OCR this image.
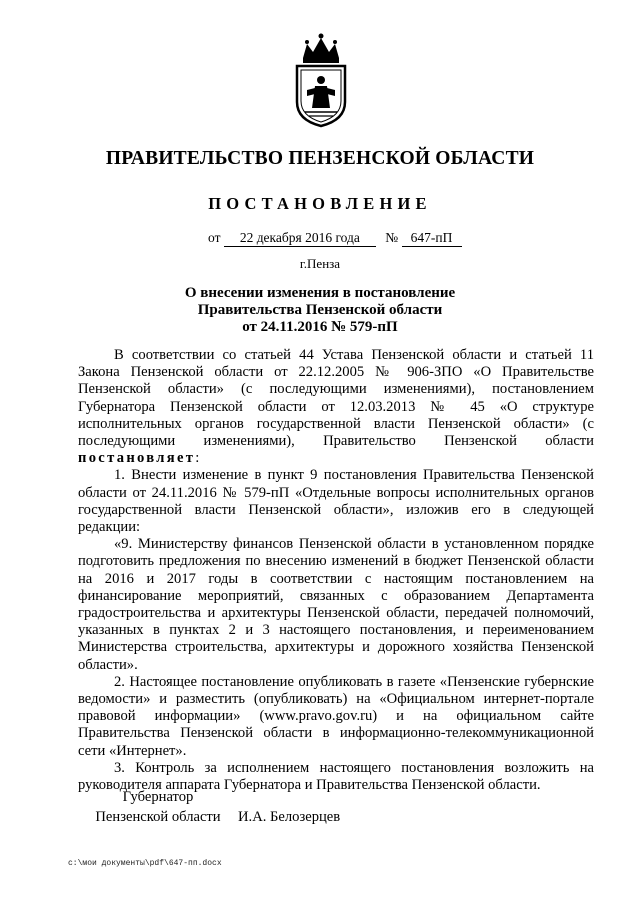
ПРАВИТЕЛЬСТВО ПЕНЗЕНСКОЙ ОБЛАСТИ
ПОСТАНОВЛЕНИЕ
от 22 декабря 2016 года № 647-пП
г.Пенза
О внесении изменения в постановление
Правительства Пензенской области
от 24.11.2016 № 579-пП

В соответствии со статьей 44 Устава Пензенской области и статьей 11 Закона Пензенской области от 22.12.2005 № 906-ЗПО «О Правительстве Пензенской области» (с последующими изменениями), постановлением Губернатора Пензенской области от 12.03.2013 № 45 «О структуре исполнительных органов государственной власти Пензенской области» (с последующими изменениями), Правительство Пензенской области постановляет:

1. Внести изменение в пункт 9 постановления Правительства Пензенской области от 24.11.2016 № 579-пП «Отдельные вопросы исполнительных органов государственной власти Пензенской области», изложив его в следующей редакции:

«9. Министерству финансов Пензенской области в установленном порядке подготовить предложения по внесению изменений в бюджет Пензенской области на 2016 и 2017 годы в соответствии с настоящим постановлением на финансирование мероприятий, связанных с образованием Департамента градостроительства и архитектуры Пензенской области, передачей полномочий, указанных в пунктах 2 и 3 настоящего постановления, и переименованием Министерства строительства, архитектуры и дорожного хозяйства Пензенской области».

2. Настоящее постановление опубликовать в газете «Пензенские губернские ведомости» и разместить (опубликовать) на «Официальном интернет-портале правовой информации» (www.pravo.gov.ru) и на официальном сайте Правительства Пензенской области в информационно-телекоммуникационной сети «Интернет».

3. Контроль за исполнением настоящего постановления возложить на руководителя аппарата Губернатора и Правительства Пензенской области.

Губернатор
Пензенской области	И.А. Белозерцев
c:\мои документы\pdf\647-пп.docx
